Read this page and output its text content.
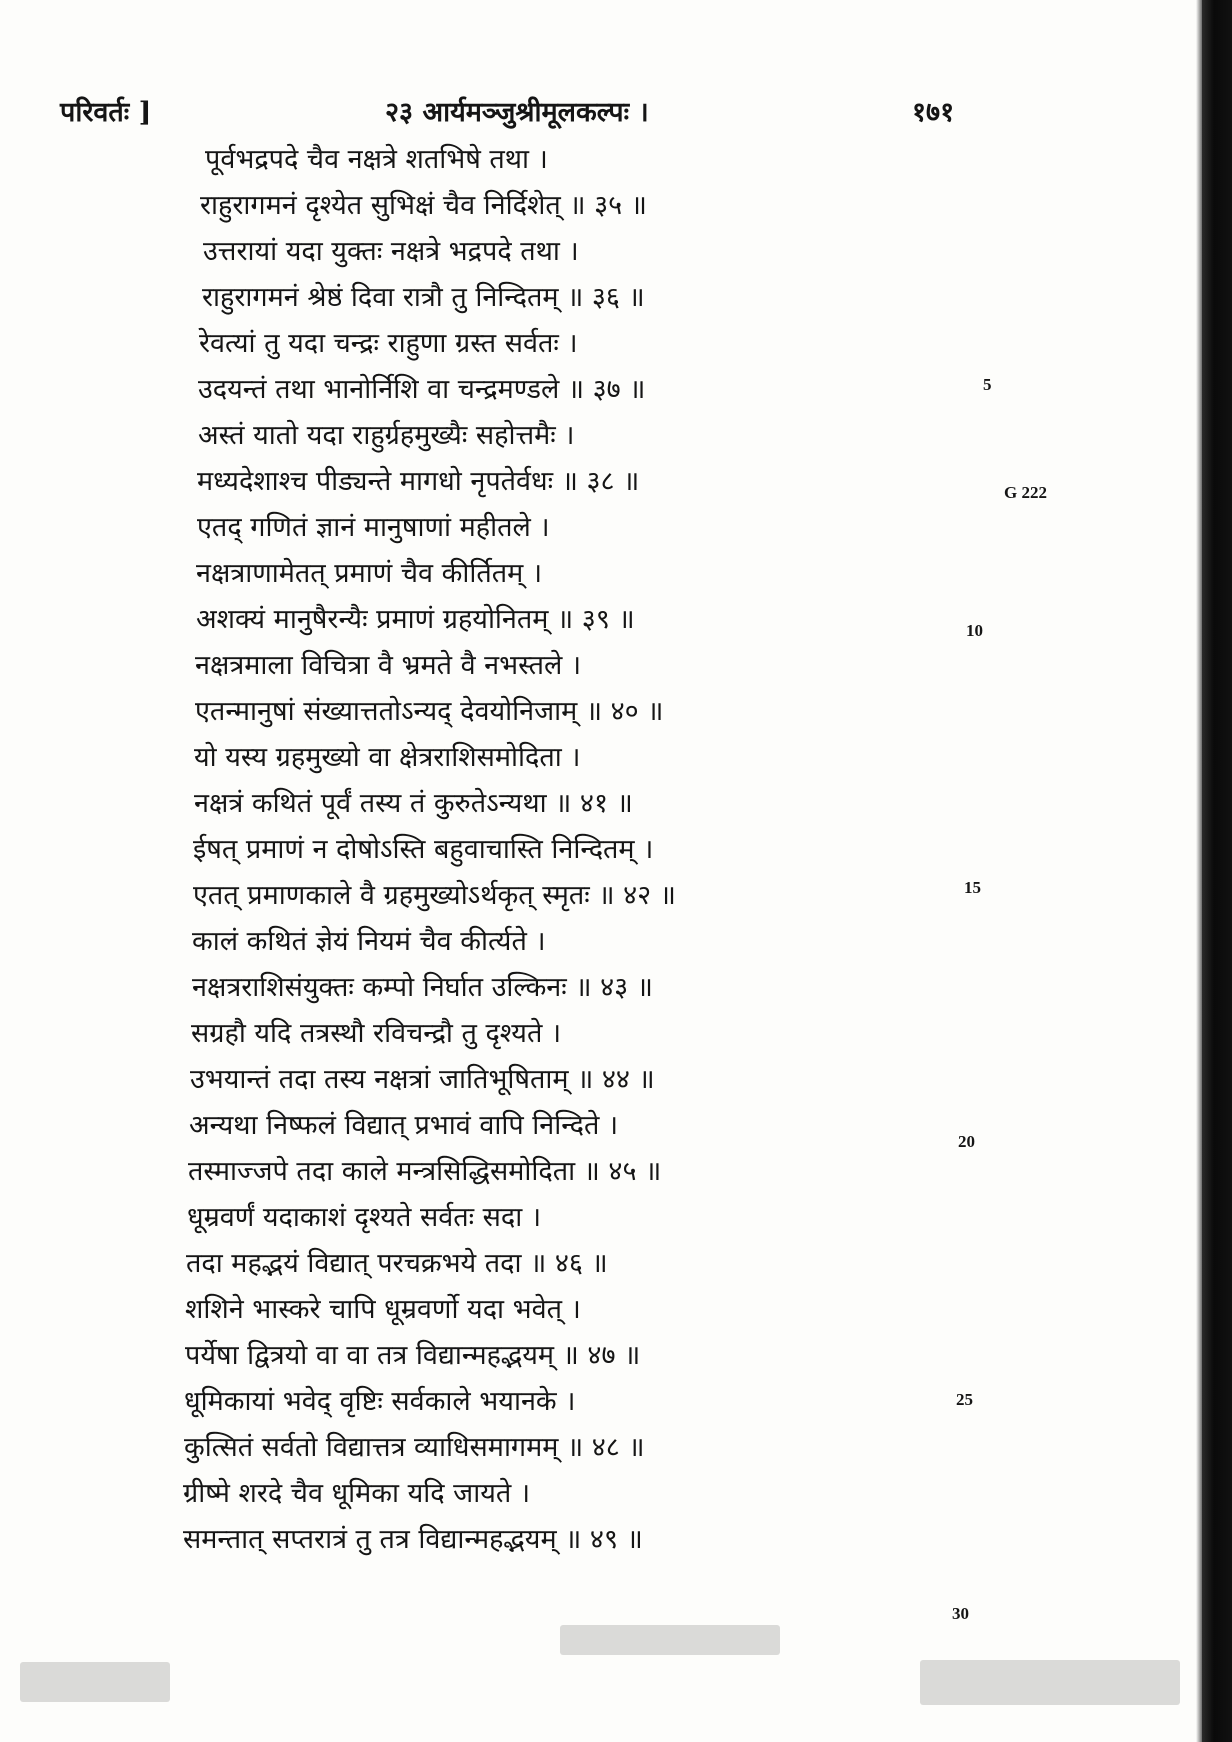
परिवर्तः ]	२३ आर्यमञ्जुश्रीमूलकल्पः ।	१७१
पूर्वभद्रपदे चैव नक्षत्रे शतभिषे तथा ।
राहुरागमनं दृश्येत सुभिक्षं चैव निर्दिशेत् ॥ ३५ ॥
उत्तरायां यदा युक्तः नक्षत्रे भद्रपदे तथा ।
राहुरागमनं श्रेष्ठं दिवा रात्रौ तु निन्दितम् ॥ ३६ ॥
रेवत्यां तु यदा चन्द्रः राहुणा ग्रस्त सर्वतः ।
उदयन्तं तथा भानोर्निशि वा चन्द्रमण्डले ॥ ३७ ॥
अस्तं यातो यदा राहुर्ग्रहमुख्यैः सहोत्तमैः ।
मध्यदेशाश्च पीड्यन्ते मागधो नृपतेर्वधः ॥ ३८ ॥
एतद् गणितं ज्ञानं मानुषाणां महीतले ।
नक्षत्राणामेतत् प्रमाणं चैव कीर्तितम् ।
अशक्यं मानुषैरन्यैः प्रमाणं ग्रहयोनितम् ॥ ३९ ॥
नक्षत्रमाला विचित्रा वै भ्रमते वै नभस्तले ।
एतन्मानुषां संख्यात्ततोऽन्यद् देवयोनिजाम् ॥ ४० ॥
यो यस्य ग्रहमुख्यो वा क्षेत्रराशिसमोदिता ।
नक्षत्रं कथितं पूर्वं तस्य तं कुरुतेऽन्यथा ॥ ४१ ॥
ईषत् प्रमाणं न दोषोऽस्ति बहुवाचास्ति निन्दितम् ।
एतत् प्रमाणकाले वै ग्रहमुख्योऽर्थकृत् स्मृतः ॥ ४२ ॥
कालं कथितं ज्ञेयं नियमं चैव कीर्त्यते ।
नक्षत्रराशिसंयुक्तः कम्पो निर्घात उल्किनः ॥ ४३ ॥
सग्रहौ यदि तत्रस्थौ रविचन्द्रौ तु दृश्यते ।
उभयान्तं तदा तस्य नक्षत्रां जातिभूषिताम् ॥ ४४ ॥
अन्यथा निष्फलं विद्यात् प्रभावं वापि निन्दिते ।
तस्माज्जपे तदा काले मन्त्रसिद्धिसमोदिता ॥ ४५ ॥
धूम्रवर्णं यदाकाशं दृश्यते सर्वतः सदा ।
तदा महद्भयं विद्यात् परचक्रभये तदा ॥ ४६ ॥
शशिने भास्करे चापि धूम्रवर्णो यदा भवेत् ।
पर्येषा द्वित्रयो वा वा तत्र विद्यान्महद्भयम् ॥ ४७ ॥
धूमिकायां भवेद् वृष्टिः सर्वकाले भयानके ।
कुत्सितं सर्वतो विद्यात्तत्र व्याधिसमागमम् ॥ ४८ ॥
ग्रीष्मे शरदे चैव धूमिका यदि जायते ।
समन्तात् सप्तरात्रं तु तत्र विद्यान्महद्भयम् ॥ ४९ ॥
5
G 222
10
15
20
25
30
